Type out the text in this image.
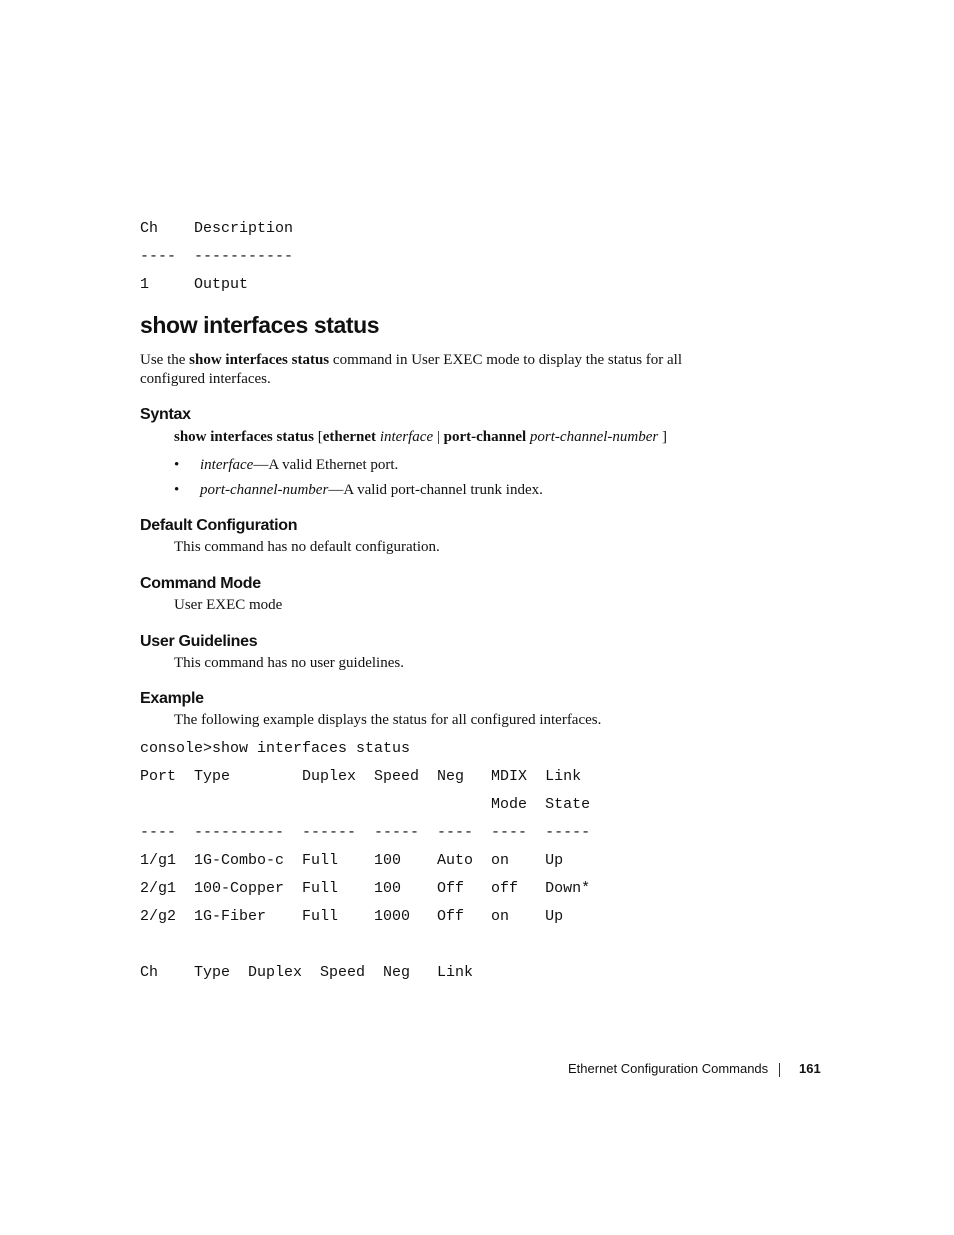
Ch    Description
----  -----------
1     Output
show interfaces status

Use the show interfaces status command in User EXEC mode to display the status for all
configured interfaces.

Syntax

show interfaces status [ethernet interface | port-channel port-channel-number ]

• interface—A valid Ethernet port.
• port-channel-number—A valid port-channel trunk index.
Default Configuration

This command has no default configuration.

Command Mode

User EXEC mode

User Guidelines

This command has no user guidelines.

Example

The following example displays the status for all configured interfaces.

console>show interfaces status
Port  Type        Duplex  Speed  Neg   MDIX  Link
Mode  State
----  ----------  ------  -----  ----  ----  -----
1/g1  1G-Combo-c  Full    100    Auto  on    Up
2/g1  100-Copper  Full    100    Off   off   Down*
2/g2  1G-Fiber    Full    1000   Off   on    Up
Ch    Type  Duplex  Speed  Neg   Link
Ethernet Configuration Commands 161
